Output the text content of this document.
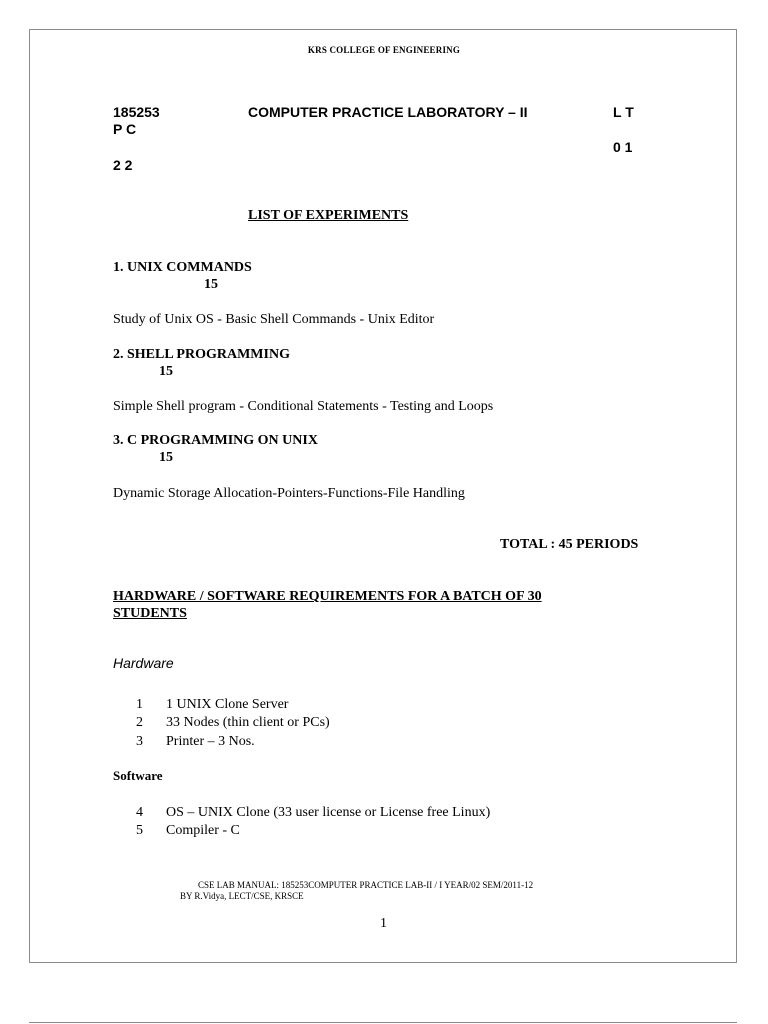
KRS COLLEGE OF ENGINEERING
185253	COMPUTER PRACTICE LABORATORY – II	L T
P C
0 1
2 2
LIST OF EXPERIMENTS
1. UNIX COMMANDS
15
Study of Unix OS - Basic Shell Commands - Unix Editor
2. SHELL PROGRAMMING
15
Simple Shell program - Conditional Statements - Testing and Loops
3. C PROGRAMMING ON UNIX
15
Dynamic Storage Allocation-Pointers-Functions-File Handling
TOTAL : 45 PERIODS
HARDWARE / SOFTWARE REQUIREMENTS FOR A BATCH OF 30
STUDENTS
Hardware
1 1 UNIX Clone Server
2 33 Nodes (thin client or PCs)
3 Printer – 3 Nos.
Software
4 OS – UNIX Clone (33 user license or License free Linux)
5 Compiler - C
CSE LAB MANUAL: 185253COMPUTER PRACTICE LAB-II / I YEAR/02 SEM/2011-12
BY R.Vidya, LECT/CSE, KRSCE
1
